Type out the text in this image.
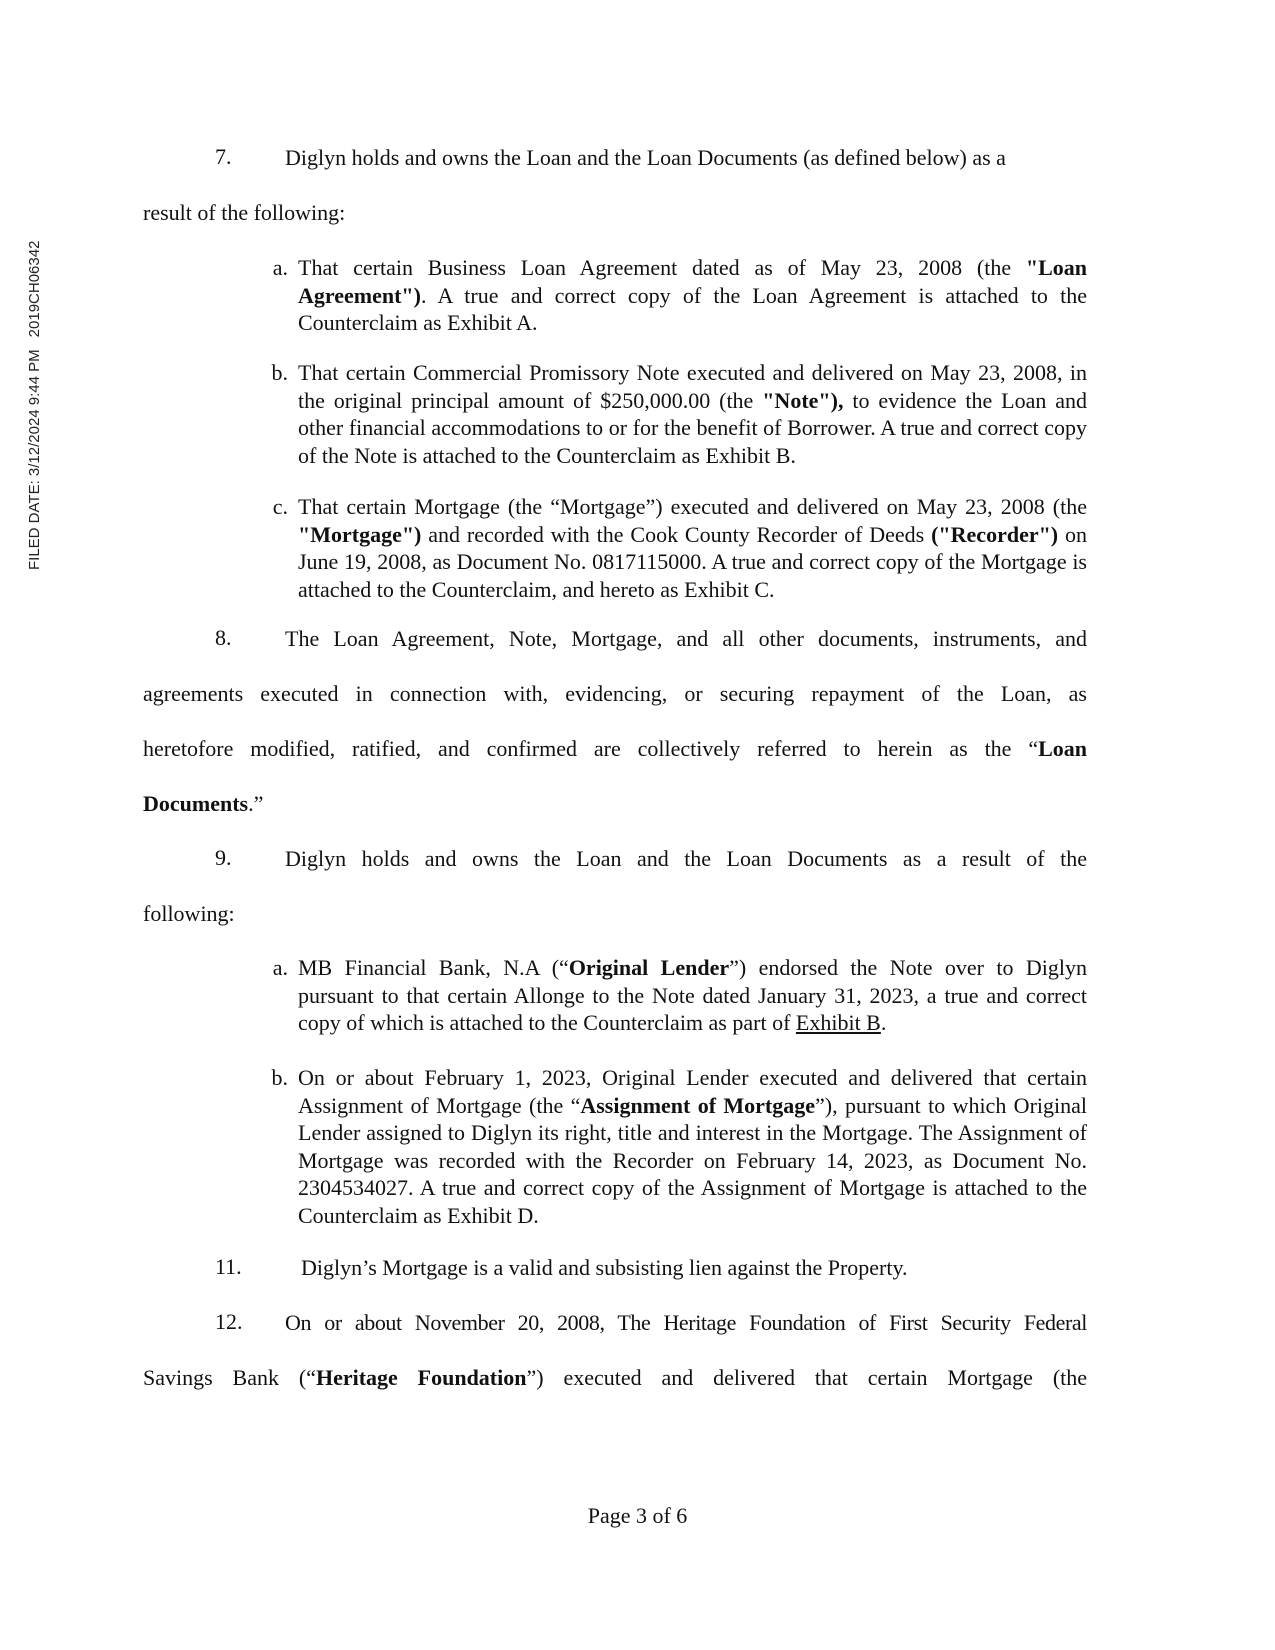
FILED DATE: 3/12/2024 9:44 PM2019CH06342
7. Diglyn holds and owns the Loan and the Loan Documents (as defined below) as a

result of the following:

a. That certain Business Loan Agreement dated as of May 23, 2008 (the "Loan Agreement"). A true and correct copy of the Loan Agreement is attached to the Counterclaim as Exhibit A.

b. That certain Commercial Promissory Note executed and delivered on May 23, 2008, in the original principal amount of $250,000.00 (the "Note"), to evidence the Loan and other financial accommodations to or for the benefit of Borrower. A true and correct copy of the Note is attached to the Counterclaim as Exhibit B.

c. That certain Mortgage (the “Mortgage”) executed and delivered on May 23, 2008 (the "Mortgage") and recorded with the Cook County Recorder of Deeds ("Recorder") on June 19, 2008, as Document No. 0817115000. A true and correct copy of the Mortgage is attached to the Counterclaim, and hereto as Exhibit C.

8. The Loan Agreement, Note, Mortgage, and all other documents, instruments, and

agreements executed in connection with, evidencing, or securing repayment of the Loan, as

heretofore modified, ratified, and confirmed are collectively referred to herein as the “Loan

Documents.”

9. Diglyn holds and owns the Loan and the Loan Documents as a result of the

following:

a. MB Financial Bank, N.A (“Original Lender”) endorsed the Note over to Diglyn pursuant to that certain Allonge to the Note dated January 31, 2023, a true and correct copy of which is attached to the Counterclaim as part of Exhibit B.

b. On or about February 1, 2023, Original Lender executed and delivered that certain Assignment of Mortgage (the “Assignment of Mortgage”), pursuant to which Original Lender assigned to Diglyn its right, title and interest in the Mortgage. The Assignment of Mortgage was recorded with the Recorder on February 14, 2023, as Document No. 2304534027. A true and correct copy of the Assignment of Mortgage is attached to the Counterclaim as Exhibit D.

11.	Diglyn’s Mortgage is a valid and subsisting lien against the Property.

12. On or about November 20, 2008, The Heritage Foundation of First Security Federal

Savings Bank (“Heritage Foundation”) executed and delivered that certain Mortgage (the

Page 3 of 6
